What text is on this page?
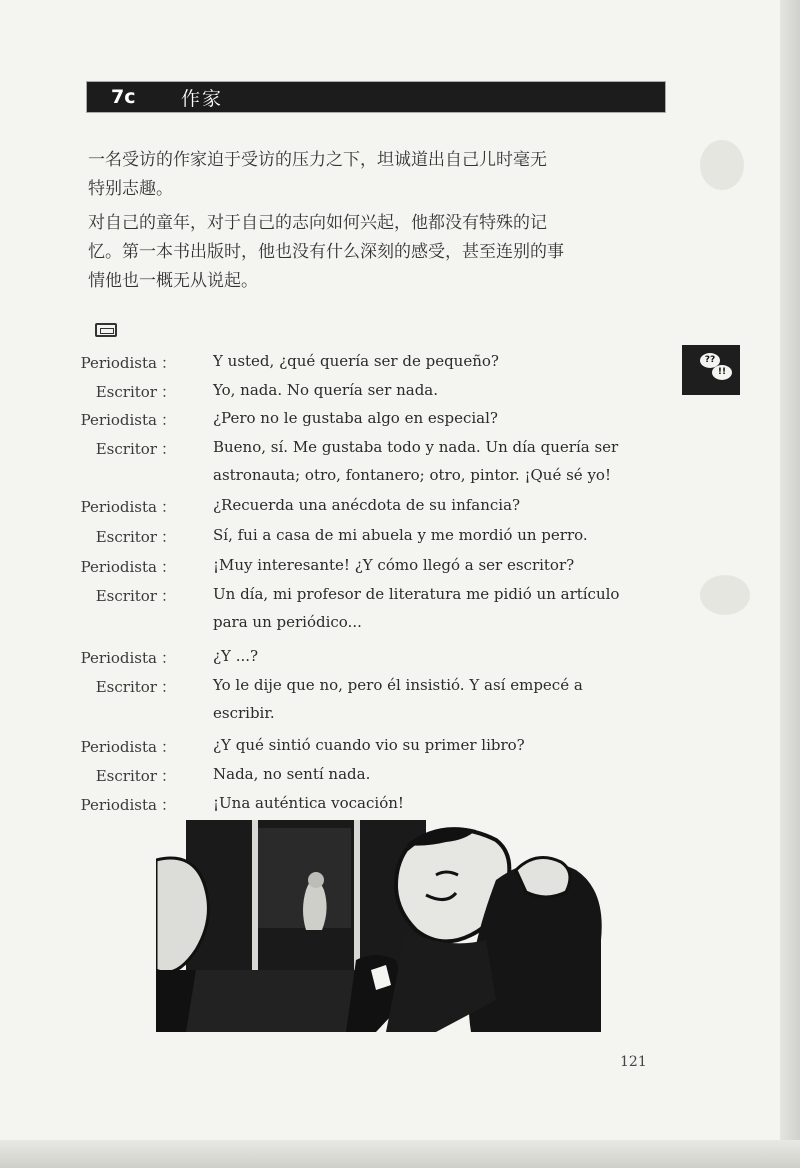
7c	作家
一名受访的作家迫于受访的压力之下，坦诚道出自己儿时毫无
特别志趣。
对自己的童年，对于自己的志向如何兴起，他都没有特殊的记
忆。第一本书出版时，他也没有什么深刻的感受，甚至连别的事
情他也一概无从说起。
??
!!
Periodista ： Y usted, ¿qué quería ser de pequeño?
Escritor ： Yo, nada. No quería ser nada.
Periodista ： ¿Pero no le gustaba algo en especial?
Escritor ： Bueno, sí. Me gustaba todo y nada. Un día quería ser
astronauta; otro, fontanero; otro, pintor. ¡Qué sé yo!
Periodista ： ¿Recuerda una anécdota de su infancia?
Escritor ： Sí, fui a casa de mi abuela y me mordió un perro.
Periodista ： ¡Muy interesante! ¿Y cómo llegó a ser escritor?
Escritor ： Un día, mi profesor de literatura me pidió un artículo
para un periódico...
Periodista ： ¿Y ...?
Escritor ： Yo le dije que no, pero él insistió. Y así empecé a
escribir.
Periodista ： ¿Y qué sintió cuando vio su primer libro?
Escritor ： Nada, no sentí nada.
Periodista ： ¡Una auténtica vocación!
121
